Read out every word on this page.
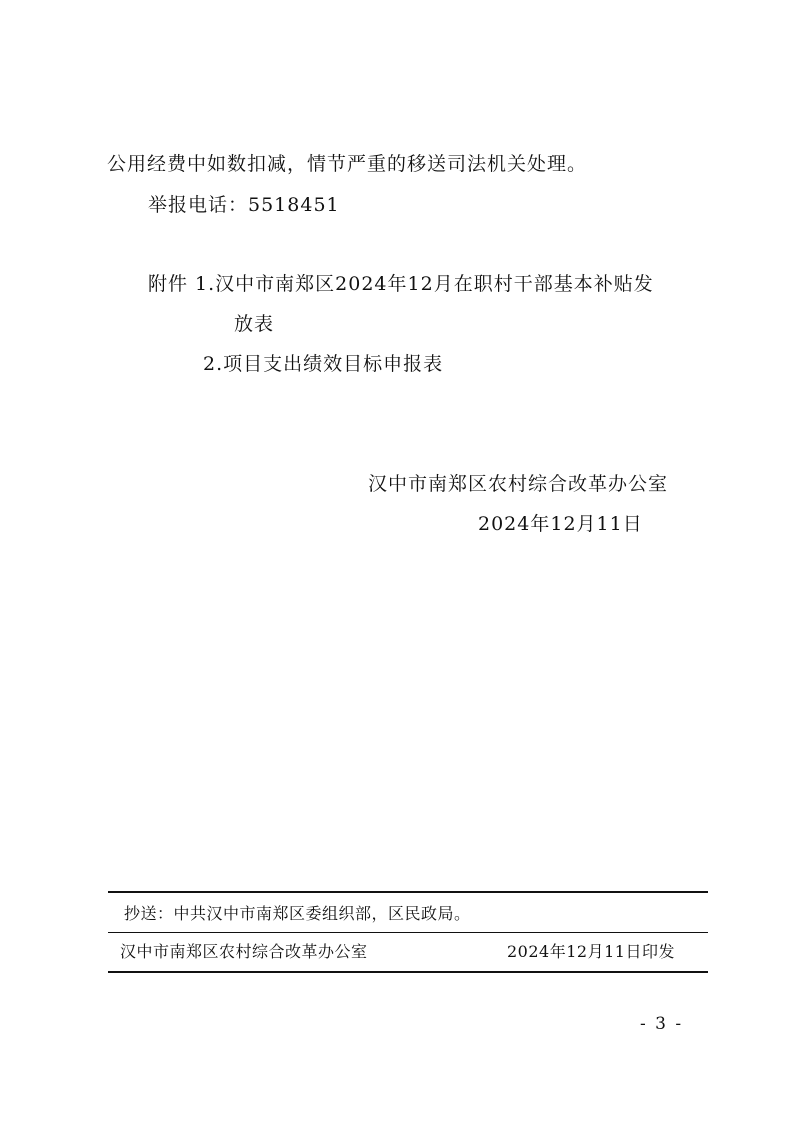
公用经费中如数扣减，情节严重的移送司法机关处理。
举报电话：5518451
附件 1.汉中市南郑区2024年12月在职村干部基本补贴发
放表
2.项目支出绩效目标申报表
汉中市南郑区农村综合改革办公室
2024年12月11日
抄送：中共汉中市南郑区委组织部，区民政局。
汉中市南郑区农村综合改革办公室	2024年12月11日印发
- 3 -
